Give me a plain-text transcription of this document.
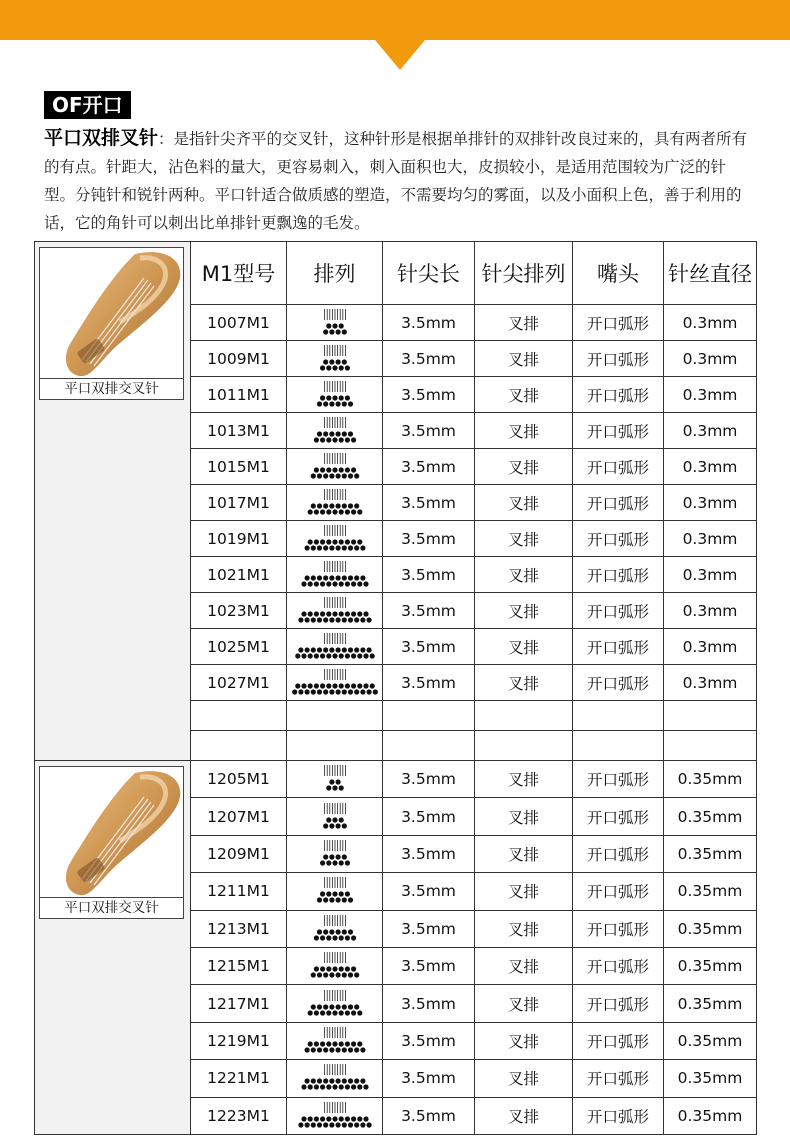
OF开口
平口双排叉针：是指针尖齐平的交叉针，这种针形是根据单排针的双排针改良过来的，具有两者所有的有点。针距大，沾色料的量大，更容易刺入，刺入面积也大，皮损较小，是适用范围较为广泛的针型。分钝针和锐针两种。平口针适合做质感的塑造，不需要均匀的雾面，以及小面积上色，善于利用的话，它的角针可以刺出比单排针更飘逸的毛发。
平口双排交叉针	M1型号	排列	针尖长	针尖排列	嘴头	针丝直径
	1007M1		3.5mm	叉排	开口弧形	0.3mm
	1009M1		3.5mm	叉排	开口弧形	0.3mm
	1011M1		3.5mm	叉排	开口弧形	0.3mm
	1013M1		3.5mm	叉排	开口弧形	0.3mm
	1015M1		3.5mm	叉排	开口弧形	0.3mm
	1017M1		3.5mm	叉排	开口弧形	0.3mm
	1019M1		3.5mm	叉排	开口弧形	0.3mm
	1021M1		3.5mm	叉排	开口弧形	0.3mm
	1023M1		3.5mm	叉排	开口弧形	0.3mm
	1025M1		3.5mm	叉排	开口弧形	0.3mm
	1027M1		3.5mm	叉排	开口弧形	0.3mm

平口双排交叉针	1205M1		3.5mm	叉排	开口弧形	0.35mm
	1207M1		3.5mm	叉排	开口弧形	0.35mm
	1209M1		3.5mm	叉排	开口弧形	0.35mm
	1211M1		3.5mm	叉排	开口弧形	0.35mm
	1213M1		3.5mm	叉排	开口弧形	0.35mm
	1215M1		3.5mm	叉排	开口弧形	0.35mm
	1217M1		3.5mm	叉排	开口弧形	0.35mm
	1219M1		3.5mm	叉排	开口弧形	0.35mm
	1221M1		3.5mm	叉排	开口弧形	0.35mm
	1223M1		3.5mm	叉排	开口弧形	0.35mm
